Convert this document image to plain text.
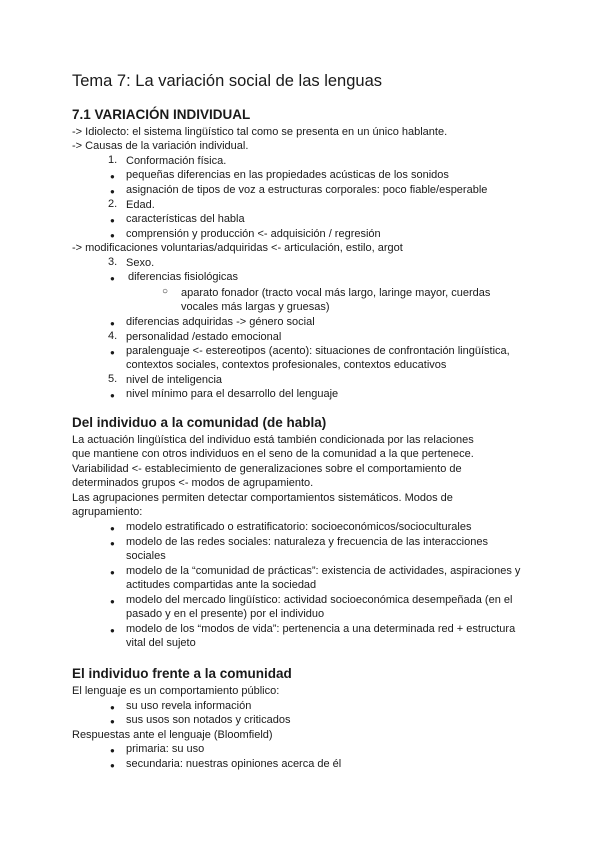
Tema 7: La variación social de las lenguas
7.1 VARIACIÓN INDIVIDUAL
-> Idiolecto: el sistema lingüístico tal como se presenta en un único hablante.
-> Causas de la variación individual.
1. Conformación física.
● pequeñas diferencias en las propiedades acústicas de los sonidos
● asignación de tipos de voz a estructuras corporales: poco fiable/esperable
2. Edad.
● características del habla
● comprensión y producción <- adquisición / regresión
-> modificaciones voluntarias/adquiridas <- articulación, estilo, argot
3. Sexo.
● diferencias fisiológicas
○ aparato fonador (tracto vocal más largo, laringe mayor, cuerdas
vocales más largas y gruesas)
● diferencias adquiridas -> género social
4. personalidad /estado emocional
● paralenguaje <- estereotipos (acento): situaciones de confrontación lingüística,
contextos sociales, contextos profesionales, contextos educativos
5. nivel de inteligencia
● nivel mínimo para el desarrollo del lenguaje
Del individuo a la comunidad (de habla)
La actuación lingüística del individuo está también condicionada por las relaciones
que mantiene con otros individuos en el seno de la comunidad a la que pertenece.
Variabilidad <- establecimiento de generalizaciones sobre el comportamiento de
determinados grupos <- modos de agrupamiento.
Las agrupaciones permiten detectar comportamientos sistemáticos. Modos de
agrupamiento:
● modelo estratificado o estratificatorio: socioeconómicos/socioculturales
● modelo de las redes sociales: naturaleza y frecuencia de las interacciones
sociales
● modelo de la “comunidad de prácticas”: existencia de actividades, aspiraciones y
actitudes compartidas ante la sociedad
● modelo del mercado lingüístico: actividad socioeconómica desempeñada (en el
pasado y en el presente) por el individuo
● modelo de los “modos de vida”: pertenencia a una determinada red + estructura
vital del sujeto
El individuo frente a la comunidad
El lenguaje es un comportamiento público:
● su uso revela información
● sus usos son notados y criticados
Respuestas ante el lenguaje (Bloomfield)
● primaria: su uso
● secundaria: nuestras opiniones acerca de él
